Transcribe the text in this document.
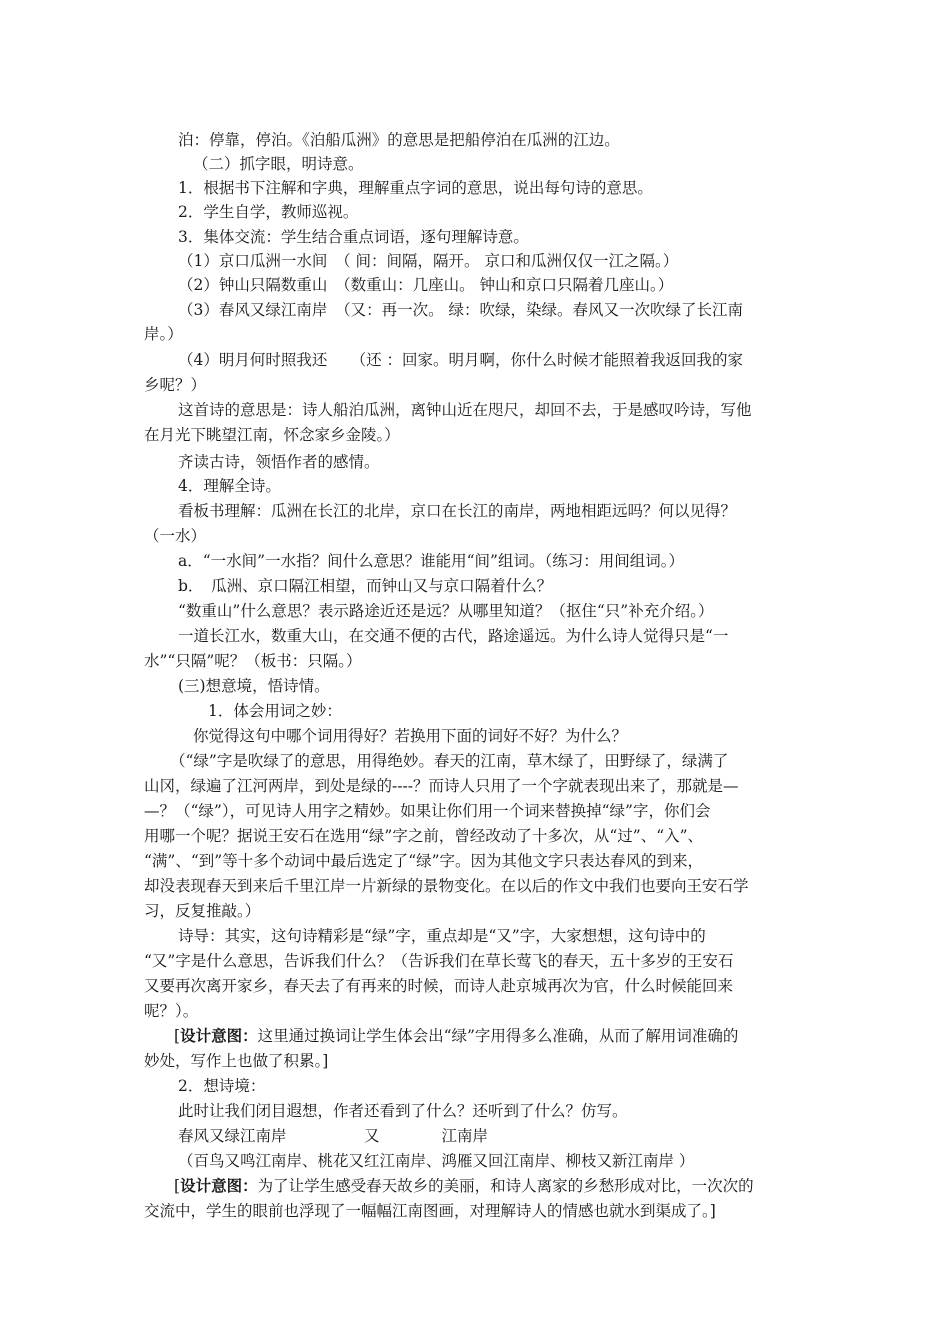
泊：停靠，停泊。《泊船瓜洲》的意思是把船停泊在瓜洲的江边。
（二）抓字眼，明诗意。
1．根据书下注解和字典，理解重点字词的意思，说出每句诗的意思。
2．学生自学，教师巡视。
3．集体交流：学生结合重点词语，逐句理解诗意。
（1）京口瓜洲一水间　（ 间：间隔，隔开。 京口和瓜洲仅仅一江之隔。）
（2）钟山只隔数重山　（数重山：几座山。 钟山和京口只隔着几座山。）
（3）春风又绿江南岸　（又：再一次。 绿：吹绿，染绿。春风又一次吹绿了长江南
岸。）
（4）明月何时照我还　　（还 ：回家。明月啊，你什么时候才能照着我返回我的家
乡呢？）
这首诗的意思是：诗人船泊瓜洲，离钟山近在咫尺，却回不去，于是感叹吟诗，写他
在月光下眺望江南，怀念家乡金陵。）
齐读古诗，领悟作者的感情。
4．理解全诗。
看板书理解：瓜洲在长江的北岸，京口在长江的南岸，两地相距远吗？何以见得？
（一水）
a．“一水间”一水指？间什么意思？谁能用“间”组词。（练习：用间组词。）
b．　瓜洲、京口隔江相望，而钟山又与京口隔着什么？
“数重山”什么意思？表示路途近还是远？从哪里知道？（抠住“只”补充介绍。）
一道长江水，数重大山，在交通不便的古代，路途遥远。为什么诗人觉得只是“一
水”“只隔”呢？（板书：只隔。）
(三)想意境，悟诗情。
1．体会用词之妙：
你觉得这句中哪个词用得好？若换用下面的词好不好？为什么？
（“绿”字是吹绿了的意思，用得绝妙。春天的江南，草木绿了，田野绿了，绿满了
山冈，绿遍了江河两岸，到处是绿的----？而诗人只用了一个字就表现出来了，那就是—
—？（“绿”），可见诗人用字之精妙。如果让你们用一个词来替换掉“绿”字，你们会
用哪一个呢？据说王安石在选用“绿”字之前，曾经改动了十多次，从“过”、“入”、
“满”、“到”等十多个动词中最后选定了“绿”字。因为其他文字只表达春风的到来，
却没表现春天到来后千里江岸一片新绿的景物变化。在以后的作文中我们也要向王安石学
习，反复推敲。）
诗导：其实，这句诗精彩是“绿”字，重点却是“又”字，大家想想，这句诗中的
“又”字是什么意思，告诉我们什么？（告诉我们在草长莺飞的春天，五十多岁的王安石
又要再次离开家乡，春天去了有再来的时候，而诗人赴京城再次为官，什么时候能回来
呢？）。
[设计意图：这里通过换词让学生体会出“绿”字用得多么准确，从而了解用词准确的
妙处，写作上也做了积累。]
2．想诗境：
此时让我们闭目遐想，作者还看到了什么？还听到了什么？仿写。
春风又绿江南岸　　　　　又　　　　江南岸
（百鸟又鸣江南岸、桃花又红江南岸、鸿雁又回江南岸、柳枝又新江南岸 ）
[设计意图：为了让学生感受春天故乡的美丽，和诗人离家的乡愁形成对比，一次次的
交流中，学生的眼前也浮现了一幅幅江南图画，对理解诗人的情感也就水到渠成了。]
